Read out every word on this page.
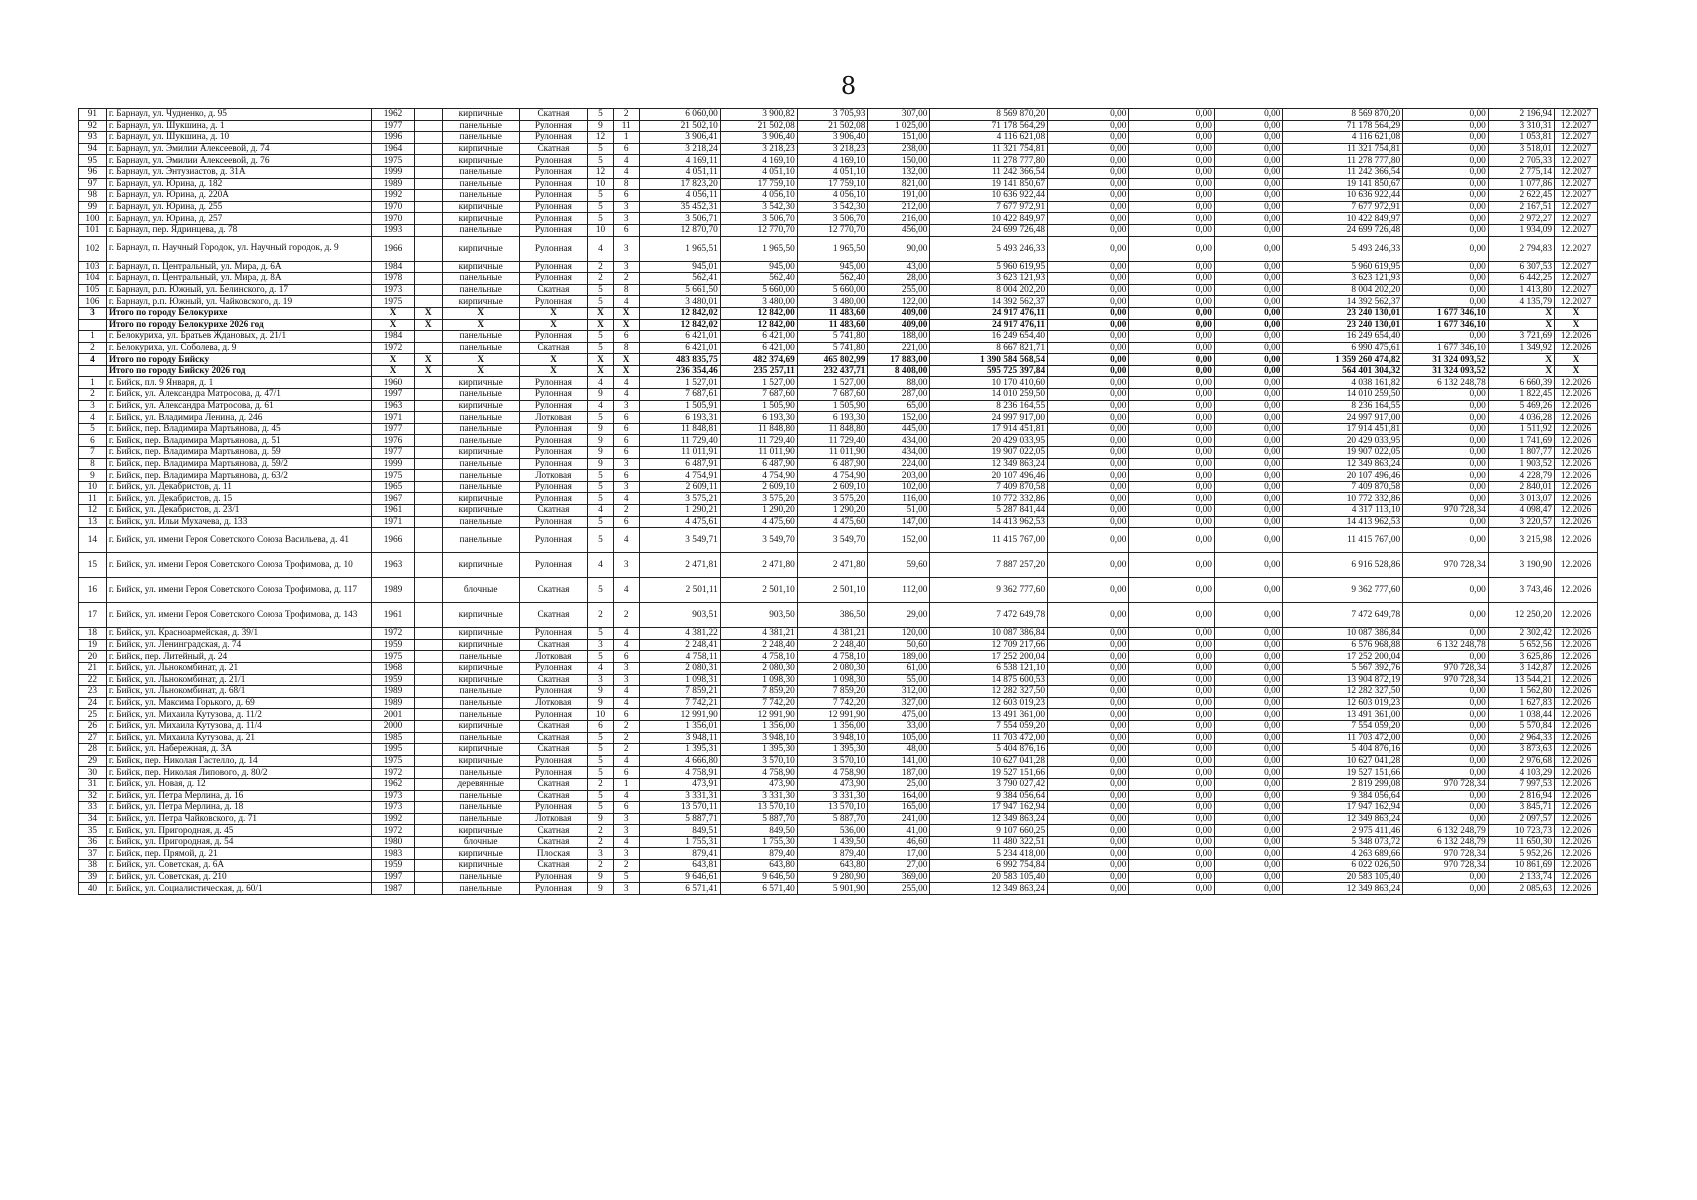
8
91	г. Барнаул, ул. Чудненко, д. 95	1962		кирпичные	Скатная	5	2	6 060,00	3 900,82	3 705,93	307,00	8 569 870,20	0,00	0,00	0,00	8 569 870,20	0,00	2 196,94	12.2027
92	г. Барнаул, ул. Шукшина, д. 1	1977		панельные	Рулонная	9	11	21 502,10	21 502,08	21 502,08	1 025,00	71 178 564,29	0,00	0,00	0,00	71 178 564,29	0,00	3 310,31	12.2027
93	г. Барнаул, ул. Шукшина, д. 10	1996		панельные	Рулонная	12	1	3 906,41	3 906,40	3 906,40	151,00	4 116 621,08	0,00	0,00	0,00	4 116 621,08	0,00	1 053,81	12.2027
94	г. Барнаул, ул. Эмилии Алексеевой, д. 74	1964		кирпичные	Скатная	5	6	3 218,24	3 218,23	3 218,23	238,00	11 321 754,81	0,00	0,00	0,00	11 321 754,81	0,00	3 518,01	12.2027
95	г. Барнаул, ул. Эмилии Алексеевой, д. 76	1975		кирпичные	Рулонная	5	4	4 169,11	4 169,10	4 169,10	150,00	11 278 777,80	0,00	0,00	0,00	11 278 777,80	0,00	2 705,33	12.2027
96	г. Барнаул, ул. Энтузиастов, д. 31А	1999		панельные	Рулонная	12	4	4 051,11	4 051,10	4 051,10	132,00	11 242 366,54	0,00	0,00	0,00	11 242 366,54	0,00	2 775,14	12.2027
97	г. Барнаул, ул. Юрина, д. 182	1989		панельные	Рулонная	10	8	17 823,20	17 759,10	17 759,10	821,00	19 141 850,67	0,00	0,00	0,00	19 141 850,67	0,00	1 077,86	12.2027
98	г. Барнаул, ул. Юрина, д. 220А	1992		панельные	Рулонная	5	6	4 056,11	4 056,10	4 056,10	191,00	10 636 922,44	0,00	0,00	0,00	10 636 922,44	0,00	2 622,45	12.2027
99	г. Барнаул, ул. Юрина, д. 255	1970		кирпичные	Рулонная	5	3	35 452,31	3 542,30	3 542,30	212,00	7 677 972,91	0,00	0,00	0,00	7 677 972,91	0,00	2 167,51	12.2027
100	г. Барнаул, ул. Юрина, д. 257	1970		кирпичные	Рулонная	5	3	3 506,71	3 506,70	3 506,70	216,00	10 422 849,97	0,00	0,00	0,00	10 422 849,97	0,00	2 972,27	12.2027
101	г. Барнаул, пер. Ядринцева, д. 78	1993		панельные	Рулонная	10	6	12 870,70	12 770,70	12 770,70	456,00	24 699 726,48	0,00	0,00	0,00	24 699 726,48	0,00	1 934,09	12.2027
102	г. Барнаул, п. Научный Городок, ул. Научный городок, д. 9	1966		кирпичные	Рулонная	4	3	1 965,51	1 965,50	1 965,50	90,00	5 493 246,33	0,00	0,00	0,00	5 493 246,33	0,00	2 794,83	12.2027
103	г. Барнаул, п. Центральный, ул. Мира, д. 6А	1984		кирпичные	Рулонная	2	3	945,01	945,00	945,00	43,00	5 960 619,95	0,00	0,00	0,00	5 960 619,95	0,00	6 307,53	12.2027
104	г. Барнаул, п. Центральный, ул. Мира, д. 8А	1978		панельные	Рулонная	2	2	562,41	562,40	562,40	28,00	3 623 121,93	0,00	0,00	0,00	3 623 121,93	0,00	6 442,25	12.2027
105	г. Барнаул, р.п. Южный, ул. Белинского, д. 17	1973		панельные	Скатная	5	8	5 661,50	5 660,00	5 660,00	255,00	8 004 202,20	0,00	0,00	0,00	8 004 202,20	0,00	1 413,80	12.2027
106	г. Барнаул, р.п. Южный, ул. Чайковского, д. 19	1975		кирпичные	Рулонная	5	4	3 480,01	3 480,00	3 480,00	122,00	14 392 562,37	0,00	0,00	0,00	14 392 562,37	0,00	4 135,79	12.2027
3	Итого по городу Белокурихе	Х	Х	Х	Х	Х	Х	12 842,02	12 842,00	11 483,60	409,00	24 917 476,11	0,00	0,00	0,00	23 240 130,01	1 677 346,10	Х	Х
	Итого по городу Белокурихе 2026 год	Х	Х	Х	Х	Х	Х	12 842,02	12 842,00	11 483,60	409,00	24 917 476,11	0,00	0,00	0,00	23 240 130,01	1 677 346,10	Х	Х
1	г. Белокуриха, ул. Братьев Ждановых, д. 21/1	1984		панельные	Рулонная	5	6	6 421,01	6 421,00	5 741,80	188,00	16 249 654,40	0,00	0,00	0,00	16 249 654,40	0,00	3 721,69	12.2026
2	г. Белокуриха, ул. Соболева, д. 9	1972		панельные	Скатная	5	8	6 421,01	6 421,00	5 741,80	221,00	8 667 821,71	0,00	0,00	0,00	6 990 475,61	1 677 346,10	1 349,92	12.2026
4	Итого по городу Бийску	Х	Х	Х	Х	Х	Х	483 835,75	482 374,69	465 802,99	17 883,00	1 390 584 568,54	0,00	0,00	0,00	1 359 260 474,82	31 324 093,52	Х	Х
	Итого по городу Бийску 2026 год	Х	Х	Х	Х	Х	Х	236 354,46	235 257,11	232 437,71	8 408,00	595 725 397,84	0,00	0,00	0,00	564 401 304,32	31 324 093,52	Х	Х
1	г. Бийск, пл. 9 Января, д. 1	1960		кирпичные	Рулонная	4	4	1 527,01	1 527,00	1 527,00	88,00	10 170 410,60	0,00	0,00	0,00	4 038 161,82	6 132 248,78	6 660,39	12.2026
2	г. Бийск, ул. Александра Матросова, д. 47/1	1997		панельные	Рулонная	9	4	7 687,61	7 687,60	7 687,60	287,00	14 010 259,50	0,00	0,00	0,00	14 010 259,50	0,00	1 822,45	12.2026
3	г. Бийск, ул. Александра Матросова, д. 61	1963		кирпичные	Рулонная	4	3	1 505,91	1 505,90	1 505,90	65,00	8 236 164,55	0,00	0,00	0,00	8 236 164,55	0,00	5 469,26	12.2026
4	г. Бийск, ул. Владимира Ленина, д. 246	1971		панельные	Лотковая	5	6	6 193,31	6 193,30	6 193,30	152,00	24 997 917,00	0,00	0,00	0,00	24 997 917,00	0,00	4 036,28	12.2026
5	г. Бийск, пер. Владимира Мартьянова, д. 45	1977		панельные	Рулонная	9	6	11 848,81	11 848,80	11 848,80	445,00	17 914 451,81	0,00	0,00	0,00	17 914 451,81	0,00	1 511,92	12.2026
6	г. Бийск, пер. Владимира Мартьянова, д. 51	1976		панельные	Рулонная	9	6	11 729,40	11 729,40	11 729,40	434,00	20 429 033,95	0,00	0,00	0,00	20 429 033,95	0,00	1 741,69	12.2026
7	г. Бийск, пер. Владимира Мартьянова, д. 59	1977		кирпичные	Рулонная	9	6	11 011,91	11 011,90	11 011,90	434,00	19 907 022,05	0,00	0,00	0,00	19 907 022,05	0,00	1 807,77	12.2026
8	г. Бийск, пер. Владимира Мартьянова, д. 59/2	1999		панельные	Рулонная	9	3	6 487,91	6 487,90	6 487,90	224,00	12 349 863,24	0,00	0,00	0,00	12 349 863,24	0,00	1 903,52	12.2026
9	г. Бийск, пер. Владимира Мартьянова, д. 63/2	1975		панельные	Лотковая	5	6	4 754,91	4 754,90	4 754,90	203,00	20 107 496,46	0,00	0,00	0,00	20 107 496,46	0,00	4 228,79	12.2026
10	г. Бийск, ул. Декабристов, д. 11	1965		панельные	Рулонная	5	3	2 609,11	2 609,10	2 609,10	102,00	7 409 870,58	0,00	0,00	0,00	7 409 870,58	0,00	2 840,01	12.2026
11	г. Бийск, ул. Декабристов, д. 15	1967		кирпичные	Рулонная	5	4	3 575,21	3 575,20	3 575,20	116,00	10 772 332,86	0,00	0,00	0,00	10 772 332,86	0,00	3 013,07	12.2026
12	г. Бийск, ул. Декабристов, д. 23/1	1961		кирпичные	Скатная	4	2	1 290,21	1 290,20	1 290,20	51,00	5 287 841,44	0,00	0,00	0,00	4 317 113,10	970 728,34	4 098,47	12.2026
13	г. Бийск, ул. Ильи Мухачева, д. 133	1971		панельные	Рулонная	5	6	4 475,61	4 475,60	4 475,60	147,00	14 413 962,53	0,00	0,00	0,00	14 413 962,53	0,00	3 220,57	12.2026
14	г. Бийск, ул. имени Героя Советского Союза Васильева, д. 41	1966		панельные	Рулонная	5	4	3 549,71	3 549,70	3 549,70	152,00	11 415 767,00	0,00	0,00	0,00	11 415 767,00	0,00	3 215,98	12.2026
15	г. Бийск, ул. имени Героя Советского Союза Трофимова, д. 10	1963		кирпичные	Рулонная	4	3	2 471,81	2 471,80	2 471,80	59,60	7 887 257,20	0,00	0,00	0,00	6 916 528,86	970 728,34	3 190,90	12.2026
16	г. Бийск, ул. имени Героя Советского Союза Трофимова, д. 117	1989		блочные	Скатная	5	4	2 501,11	2 501,10	2 501,10	112,00	9 362 777,60	0,00	0,00	0,00	9 362 777,60	0,00	3 743,46	12.2026
17	г. Бийск, ул. имени Героя Советского Союза Трофимова, д. 143	1961		кирпичные	Скатная	2	2	903,51	903,50	386,50	29,00	7 472 649,78	0,00	0,00	0,00	7 472 649,78	0,00	12 250,20	12.2026
18	г. Бийск, ул. Красноармейская, д. 39/1	1972		кирпичные	Рулонная	5	4	4 381,22	4 381,21	4 381,21	120,00	10 087 386,84	0,00	0,00	0,00	10 087 386,84	0,00	2 302,42	12.2026
19	г. Бийск, ул. Ленинградская, д. 74	1959		кирпичные	Скатная	3	4	2 248,41	2 248,40	2 248,40	50,60	12 709 217,66	0,00	0,00	0,00	6 576 968,88	6 132 248,78	5 652,56	12.2026
20	г. Бийск, пер. Литейный, д. 24	1975		панельные	Лотковая	5	6	4 758,11	4 758,10	4 758,10	189,00	17 252 200,04	0,00	0,00	0,00	17 252 200,04	0,00	3 625,86	12.2026
21	г. Бийск, ул. Льнокомбинат, д. 21	1968		кирпичные	Рулонная	4	3	2 080,31	2 080,30	2 080,30	61,00	6 538 121,10	0,00	0,00	0,00	5 567 392,76	970 728,34	3 142,87	12.2026
22	г. Бийск, ул. Льнокомбинат, д. 21/1	1959		кирпичные	Скатная	3	3	1 098,31	1 098,30	1 098,30	55,00	14 875 600,53	0,00	0,00	0,00	13 904 872,19	970 728,34	13 544,21	12.2026
23	г. Бийск, ул. Льнокомбинат, д. 68/1	1989		панельные	Рулонная	9	4	7 859,21	7 859,20	7 859,20	312,00	12 282 327,50	0,00	0,00	0,00	12 282 327,50	0,00	1 562,80	12.2026
24	г. Бийск, ул. Максима Горького, д. 69	1989		панельные	Лотковая	9	4	7 742,21	7 742,20	7 742,20	327,00	12 603 019,23	0,00	0,00	0,00	12 603 019,23	0,00	1 627,83	12.2026
25	г. Бийск, ул. Михаила Кутузова, д. 11/2	2001		панельные	Рулонная	10	6	12 991,90	12 991,90	12 991,90	475,00	13 491 361,00	0,00	0,00	0,00	13 491 361,00	0,00	1 038,44	12.2026
26	г. Бийск, ул. Михаила Кутузова, д. 11/4	2000		кирпичные	Скатная	6	2	1 356,01	1 356,00	1 356,00	33,00	7 554 059,20	0,00	0,00	0,00	7 554 059,20	0,00	5 570,84	12.2026
27	г. Бийск, ул. Михаила Кутузова, д. 21	1985		панельные	Скатная	5	2	3 948,11	3 948,10	3 948,10	105,00	11 703 472,00	0,00	0,00	0,00	11 703 472,00	0,00	2 964,33	12.2026
28	г. Бийск, ул. Набережная, д. 3А	1995		кирпичные	Скатная	5	2	1 395,31	1 395,30	1 395,30	48,00	5 404 876,16	0,00	0,00	0,00	5 404 876,16	0,00	3 873,63	12.2026
29	г. Бийск, пер. Николая Гастелло, д. 14	1975		кирпичные	Рулонная	5	4	4 666,80	3 570,10	3 570,10	141,00	10 627 041,28	0,00	0,00	0,00	10 627 041,28	0,00	2 976,68	12.2026
30	г. Бийск, пер. Николая Липового, д. 80/2	1972		панельные	Рулонная	5	6	4 758,91	4 758,90	4 758,90	187,00	19 527 151,66	0,00	0,00	0,00	19 527 151,66	0,00	4 103,29	12.2026
31	г. Бийск, ул. Новая, д. 12	1962		деревянные	Скатная	2	1	473,91	473,90	473,90	25,00	3 790 027,42	0,00	0,00	0,00	2 819 299,08	970 728,34	7 997,53	12.2026
32	г. Бийск, ул. Петра Мерлина, д. 16	1973		панельные	Скатная	5	4	3 331,31	3 331,30	3 331,30	164,00	9 384 056,64	0,00	0,00	0,00	9 384 056,64	0,00	2 816,94	12.2026
33	г. Бийск, ул. Петра Мерлина, д. 18	1973		панельные	Рулонная	5	6	13 570,11	13 570,10	13 570,10	165,00	17 947 162,94	0,00	0,00	0,00	17 947 162,94	0,00	3 845,71	12.2026
34	г. Бийск, ул. Петра Чайковского, д. 71	1992		панельные	Лотковая	9	3	5 887,71	5 887,70	5 887,70	241,00	12 349 863,24	0,00	0,00	0,00	12 349 863,24	0,00	2 097,57	12.2026
35	г. Бийск, ул. Пригородная, д. 45	1972		кирпичные	Скатная	2	3	849,51	849,50	536,00	41,00	9 107 660,25	0,00	0,00	0,00	2 975 411,46	6 132 248,79	10 723,73	12.2026
36	г. Бийск, ул. Пригородная, д. 54	1980		блочные	Скатная	2	4	1 755,31	1 755,30	1 439,50	46,60	11 480 322,51	0,00	0,00	0,00	5 348 073,72	6 132 248,79	11 650,30	12.2026
37	г. Бийск, пер. Прямой, д. 21	1983		кирпичные	Плоская	3	3	879,41	879,40	879,40	17,00	5 234 418,00	0,00	0,00	0,00	4 263 689,66	970 728,34	5 952,26	12.2026
38	г. Бийск, ул. Советская, д. 6А	1959		кирпичные	Скатная	2	2	643,81	643,80	643,80	27,00	6 992 754,84	0,00	0,00	0,00	6 022 026,50	970 728,34	10 861,69	12.2026
39	г. Бийск, ул. Советская, д. 210	1997		панельные	Рулонная	9	5	9 646,61	9 646,50	9 280,90	369,00	20 583 105,40	0,00	0,00	0,00	20 583 105,40	0,00	2 133,74	12.2026
40	г. Бийск, ул. Социалистическая, д. 60/1	1987		панельные	Рулонная	9	3	6 571,41	6 571,40	5 901,90	255,00	12 349 863,24	0,00	0,00	0,00	12 349 863,24	0,00	2 085,63	12.2026
